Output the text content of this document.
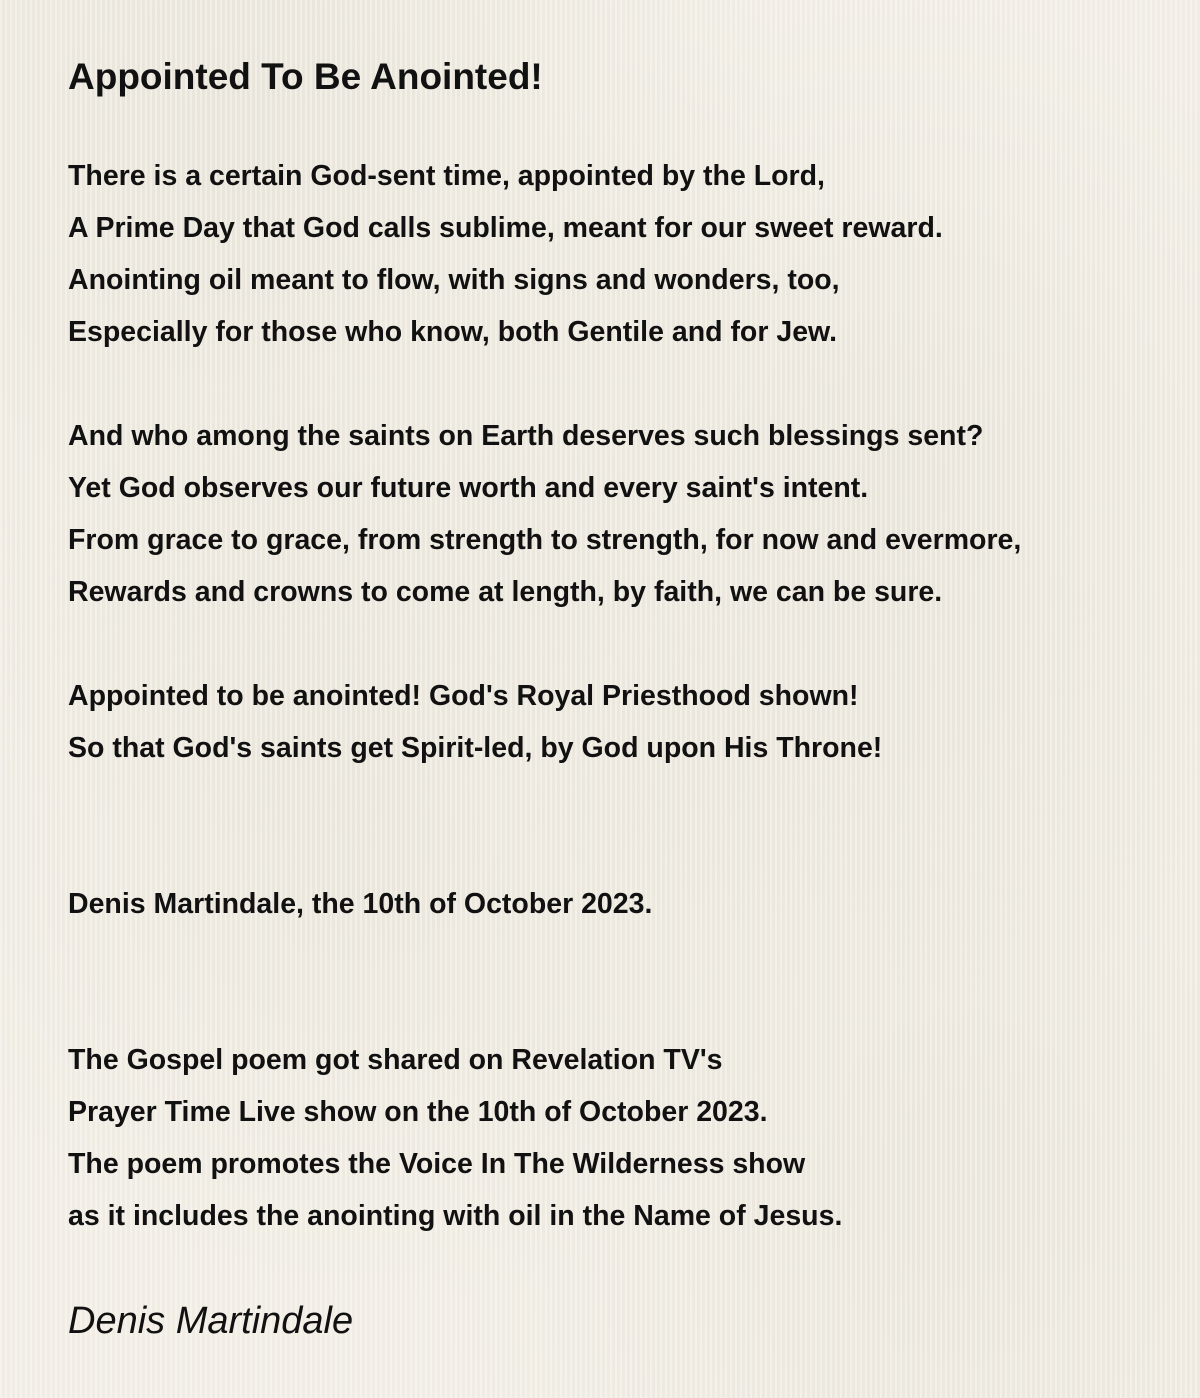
Appointed To Be Anointed!
There is a certain God-sent time, appointed by the Lord,
A Prime Day that God calls sublime, meant for our sweet reward.
Anointing oil meant to flow, with signs and wonders, too,
Especially for those who know, both Gentile and for Jew.
And who among the saints on Earth deserves such blessings sent?
Yet God observes our future worth and every saint's intent.
From grace to grace, from strength to strength, for now and evermore,
Rewards and crowns to come at length, by faith, we can be sure.
Appointed to be anointed! God's Royal Priesthood shown!
So that God's saints get Spirit-led, by God upon His Throne!
Denis Martindale, the 10th of October 2023.
The Gospel poem got shared on Revelation TV's
Prayer Time Live show on the 10th of October 2023.
The poem promotes the Voice In The Wilderness show
as it includes the anointing with oil in the Name of Jesus.
Denis Martindale
